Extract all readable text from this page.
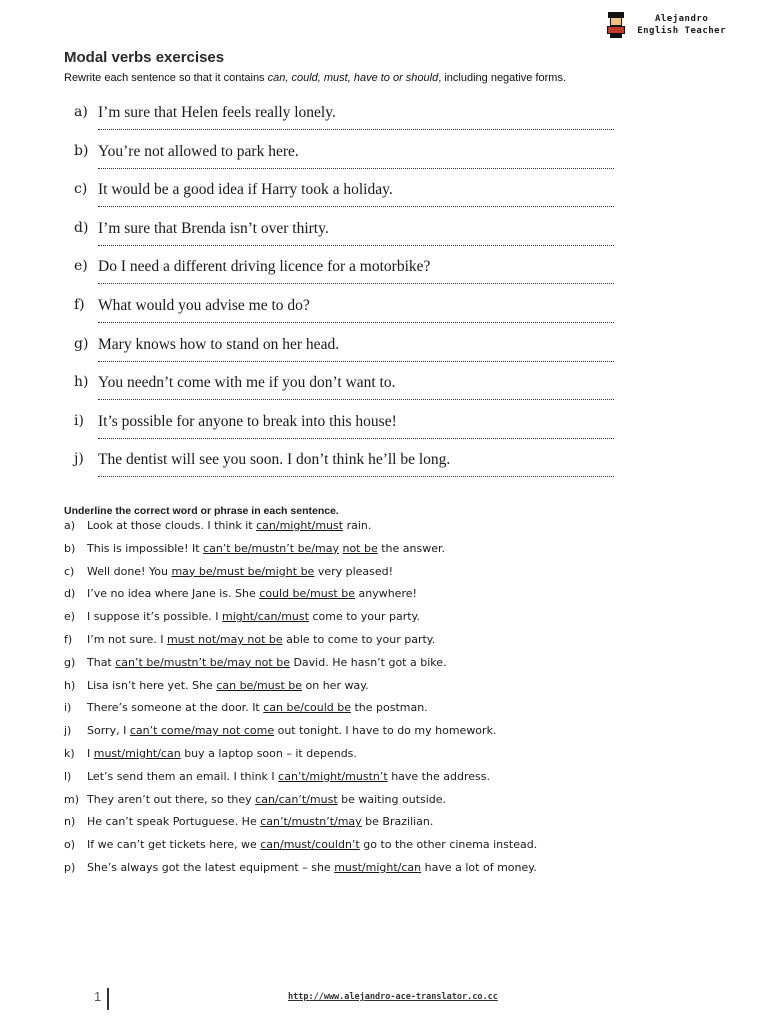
Alejandro
English Teacher
Modal verbs exercises
Rewrite each sentence so that it contains can, could, must, have to or should, including negative forms.
a) I’m sure that Helen feels really lonely.
b) You’re not allowed to park here.
c) It would be a good idea if Harry took a holiday.
d) I’m sure that Brenda isn’t over thirty.
e) Do I need a different driving licence for a motorbike?
f) What would you advise me to do?
g) Mary knows how to stand on her head.
h) You needn’t come with me if you don’t want to.
i) It’s possible for anyone to break into this house!
j) The dentist will see you soon. I don’t think he’ll be long.
Underline the correct word or phrase in each sentence.
a) Look at those clouds. I think it can/might/must rain.
b) This is impossible! It can’t be/mustn’t be/may not be the answer.
c) Well done! You may be/must be/might be very pleased!
d) I’ve no idea where Jane is. She could be/must be anywhere!
e) I suppose it’s possible. I might/can/must come to your party.
f) I’m not sure. I must not/may not be able to come to your party.
g) That can’t be/mustn’t be/may not be David. He hasn’t got a bike.
h) Lisa isn’t here yet. She can be/must be on her way.
i) There’s someone at the door. It can be/could be the postman.
j) Sorry, I can’t come/may not come out tonight. I have to do my homework.
k) I must/might/can buy a laptop soon – it depends.
l) Let’s send them an email. I think I can’t/might/mustn’t have the address.
m) They aren’t out there, so they can/can’t/must be waiting outside.
n) He can’t speak Portuguese. He can’t/mustn’t/may be Brazilian.
o) If we can’t get tickets here, we can/must/couldn’t go to the other cinema instead.
p) She’s always got the latest equipment – she must/might/can have a lot of money.
1	http://www.alejandro-ace-translator.co.cc
